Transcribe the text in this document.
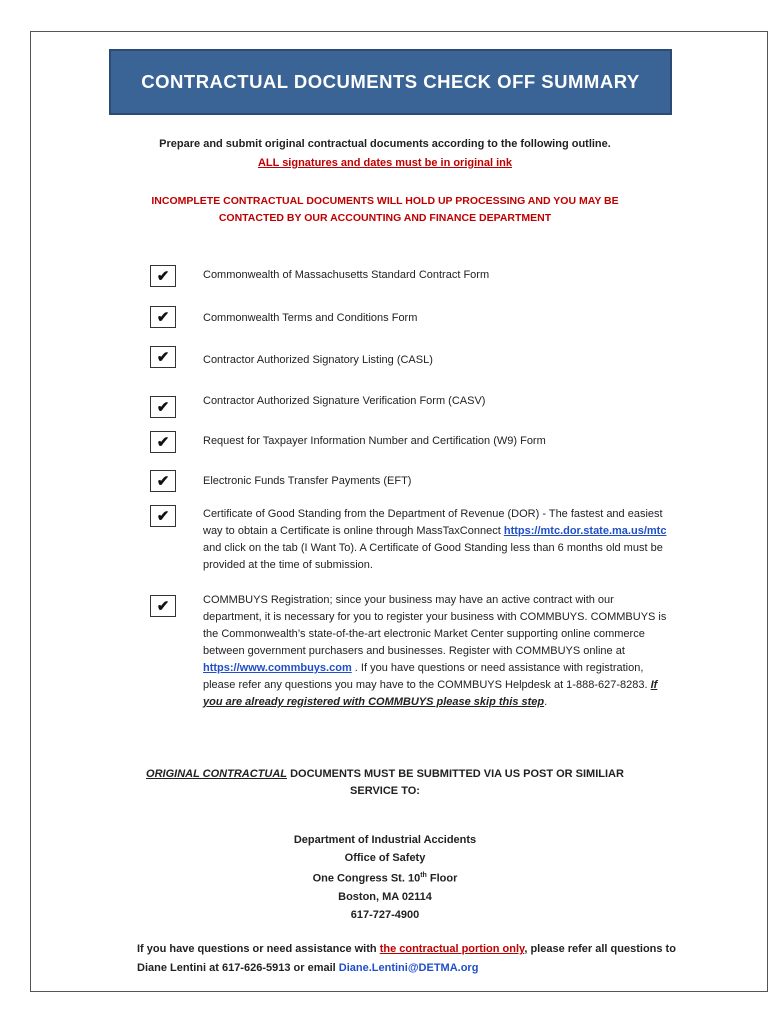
CONTRACTUAL DOCUMENTS CHECK OFF SUMMARY
Prepare and submit original contractual documents according to the following outline.
ALL signatures and dates must be in original ink
INCOMPLETE CONTRACTUAL DOCUMENTS WILL HOLD UP PROCESSING AND YOU MAY BE
CONTACTED BY OUR ACCOUNTING AND FINANCE DEPARTMENT
✔	Commonwealth of Massachusetts Standard Contract Form
✔	Commonwealth Terms and Conditions Form
✔	Contractor Authorized Signatory Listing (CASL)
✔	Contractor Authorized Signature Verification Form (CASV)
✔	Request for Taxpayer Information Number and Certification (W9) Form
✔	Electronic Funds Transfer Payments (EFT)
✔	Certificate of Good Standing from the Department of Revenue (DOR) - The fastest and easiest way to obtain a Certificate is online through MassTaxConnect https://mtc.dor.state.ma.us/mtc and click on the tab (I Want To). A Certificate of Good Standing less than 6 months old must be provided at the time of submission.
✔	COMMBUYS Registration; since your business may have an active contract with our department, it is necessary for you to register your business with COMMBUYS. COMMBUYS is the Commonwealth’s state-of-the-art electronic Market Center supporting online commerce between government purchasers and businesses. Register with COMMBUYS online at https://www.commbuys.com . If you have questions or need assistance with registration, please refer any questions you may have to the COMMBUYS Helpdesk at 1-888-627-8283. If you are already registered with COMMBUYS please skip this step.
ORIGINAL CONTRACTUAL DOCUMENTS MUST BE SUBMITTED VIA US POST OR SIMILIAR
SERVICE TO:
Department of Industrial Accidents
Office of Safety
One Congress St. 10th Floor
Boston, MA 02114
617-727-4900
If you have questions or need assistance with the contractual portion only, please refer all questions to Diane Lentini at 617-626-5913 or email Diane.Lentini@DETMA.org
